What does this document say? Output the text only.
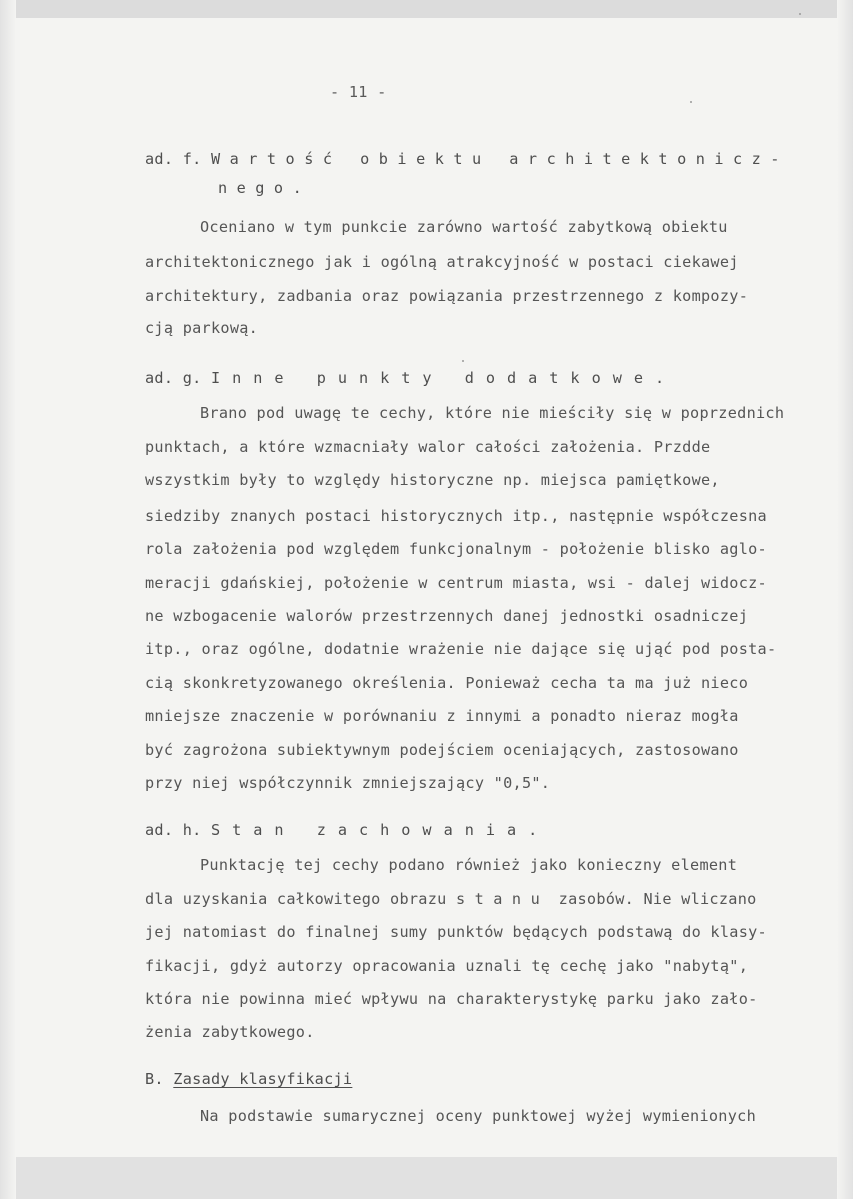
- 11 -
ad. f. Wartość obiektu architektonicz-
nego.
Oceniano w tym punkcie zarówno wartość zabytkową obiektu
architektonicznego jak i ogólną atrakcyjność w postaci ciekawej
architektury, zadbania oraz powiązania przestrzennego z kompozy-
cją parkową.
ad. g. Inne punkty dodatkowe.
Brano pod uwagę te cechy, które nie mieściły się w poprzednich
punktach, a które wzmacniały walor całości założenia. Przdde
wszystkim były to względy historyczne np. miejsca pamiętkowe,
siedziby znanych postaci historycznych itp., następnie współczesna
rola założenia pod względem funkcjonalnym - położenie blisko aglo-
meracji gdańskiej, położenie w centrum miasta, wsi - dalej widocz-
ne wzbogacenie walorów przestrzennych danej jednostki osadniczej
itp., oraz ogólne, dodatnie wrażenie nie dające się ująć pod posta-
cią skonkretyzowanego określenia. Ponieważ cecha ta ma już nieco
mniejsze znaczenie w porównaniu z innymi a ponadto nieraz mogła
być zagrożona subiektywnym podejściem oceniających, zastosowano
przy niej współczynnik zmniejszający "0,5".
ad. h. Stan zachowania.
Punktację tej cechy podano również jako konieczny element
dla uzyskania całkowitego obrazu stanu zasobów. Nie wliczano
jej natomiast do finalnej sumy punktów będących podstawą do klasy-
fikacji, gdyż autorzy opracowania uznali tę cechę jako "nabytą",
która nie powinna mieć wpływu na charakterystykę parku jako zało-
żenia zabytkowego.
B. Zasady klasyfikacji
Na podstawie sumarycznej oceny punktowej wyżej wymienionych
